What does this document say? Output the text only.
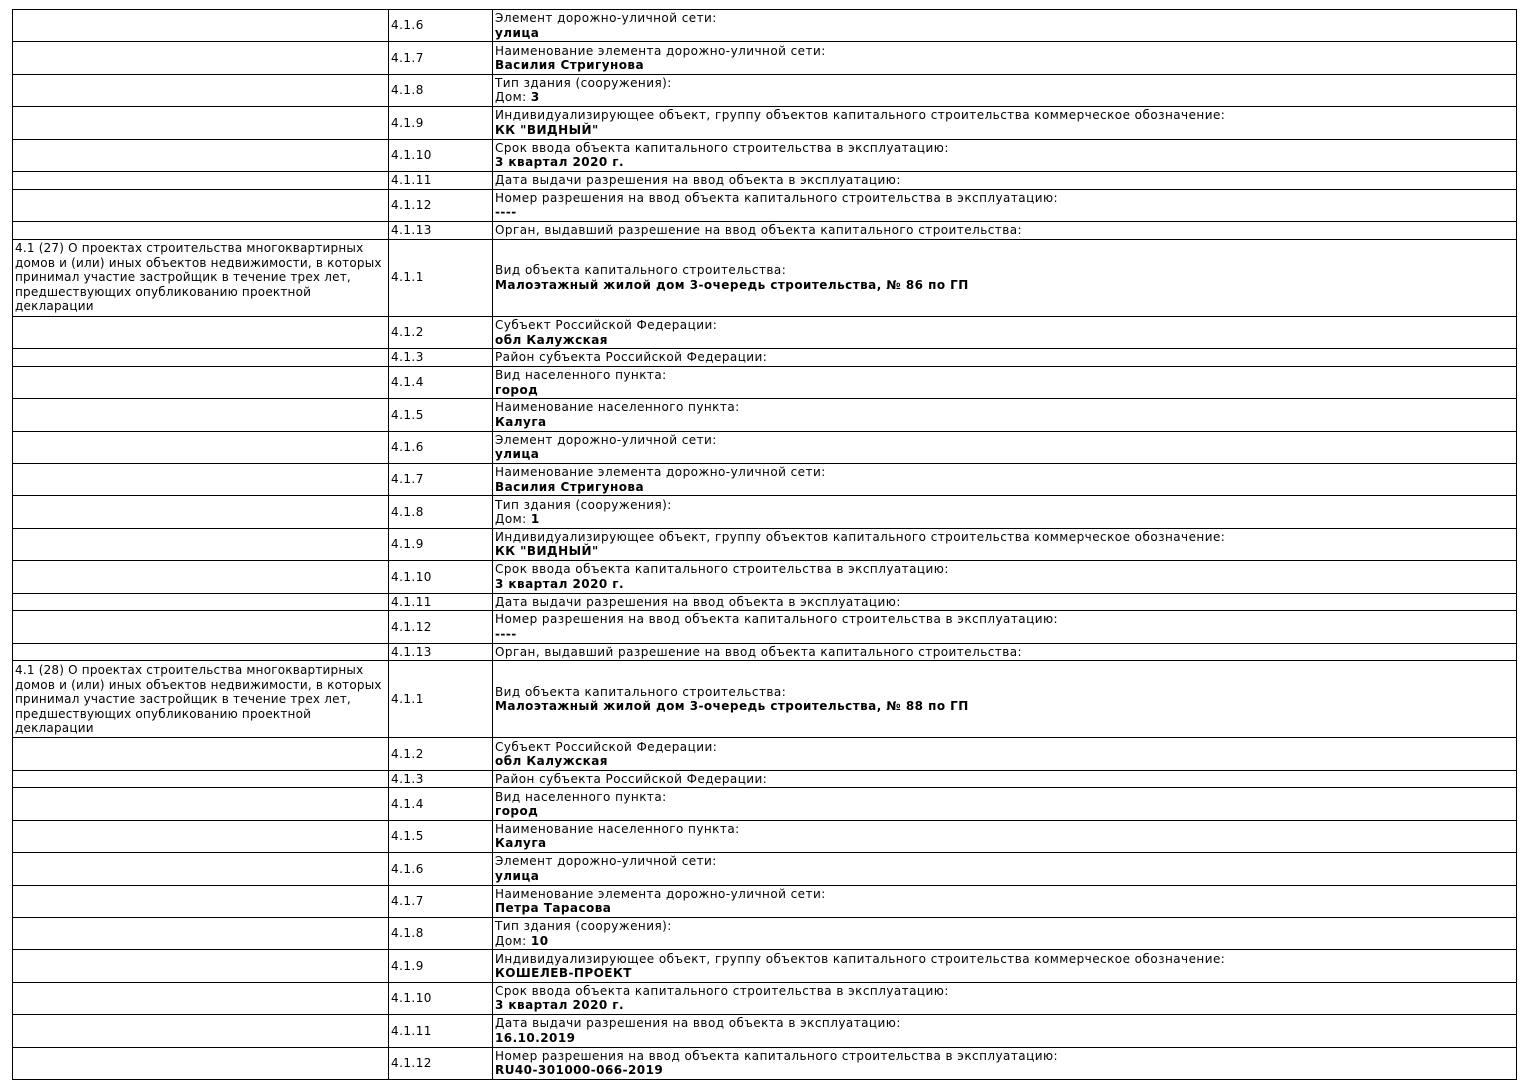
	4.1.6	Элемент дорожно-уличной сети:
улица

	4.1.7	Наименование элемента дорожно-уличной сети:
Василия Стригунова

	4.1.8	Тип здания (сооружения):
Дом: 3

	4.1.9	Индивидуализирующее объект, группу объектов капитального строительства коммерческое обозначение:
КК "ВИДНЫЙ"

	4.1.10	Срок ввода объекта капитального строительства в эксплуатацию:
3 квартал 2020 г.

	4.1.11	Дата выдачи разрешения на ввод объекта в эксплуатацию:

	4.1.12	Номер разрешения на ввод объекта капитального строительства в эксплуатацию:
----

	4.1.13	Орган, выдавший разрешение на ввод объекта капитального строительства:

4.1 (27) О проектах строительства многоквартирных домов и (или) иных объектов недвижимости, в которых принимал участие застройщик в течение трех лет, предшествующих опубликованию проектной декларации	4.1.1	Вид объекта капитального строительства:
Малоэтажный жилой дом 3-очередь строительства, № 86 по ГП

	4.1.2	Субъект Российской Федерации:
обл Калужская

	4.1.3	Район субъекта Российской Федерации:

	4.1.4	Вид населенного пункта:
город

	4.1.5	Наименование населенного пункта:
Калуга

	4.1.6	Элемент дорожно-уличной сети:
улица

	4.1.7	Наименование элемента дорожно-уличной сети:
Василия Стригунова

	4.1.8	Тип здания (сооружения):
Дом: 1

	4.1.9	Индивидуализирующее объект, группу объектов капитального строительства коммерческое обозначение:
КК "ВИДНЫЙ"

	4.1.10	Срок ввода объекта капитального строительства в эксплуатацию:
3 квартал 2020 г.

	4.1.11	Дата выдачи разрешения на ввод объекта в эксплуатацию:

	4.1.12	Номер разрешения на ввод объекта капитального строительства в эксплуатацию:
----

	4.1.13	Орган, выдавший разрешение на ввод объекта капитального строительства:

4.1 (28) О проектах строительства многоквартирных домов и (или) иных объектов недвижимости, в которых принимал участие застройщик в течение трех лет, предшествующих опубликованию проектной декларации	4.1.1	Вид объекта капитального строительства:
Малоэтажный жилой дом 3-очередь строительства, № 88 по ГП

	4.1.2	Субъект Российской Федерации:
обл Калужская

	4.1.3	Район субъекта Российской Федерации:

	4.1.4	Вид населенного пункта:
город

	4.1.5	Наименование населенного пункта:
Калуга

	4.1.6	Элемент дорожно-уличной сети:
улица

	4.1.7	Наименование элемента дорожно-уличной сети:
Петра Тарасова

	4.1.8	Тип здания (сооружения):
Дом: 10

	4.1.9	Индивидуализирующее объект, группу объектов капитального строительства коммерческое обозначение:
КОШЕЛЕВ-ПРОЕКТ

	4.1.10	Срок ввода объекта капитального строительства в эксплуатацию:
3 квартал 2020 г.

	4.1.11	Дата выдачи разрешения на ввод объекта в эксплуатацию:
16.10.2019

	4.1.12	Номер разрешения на ввод объекта капитального строительства в эксплуатацию:
RU40-301000-066-2019
